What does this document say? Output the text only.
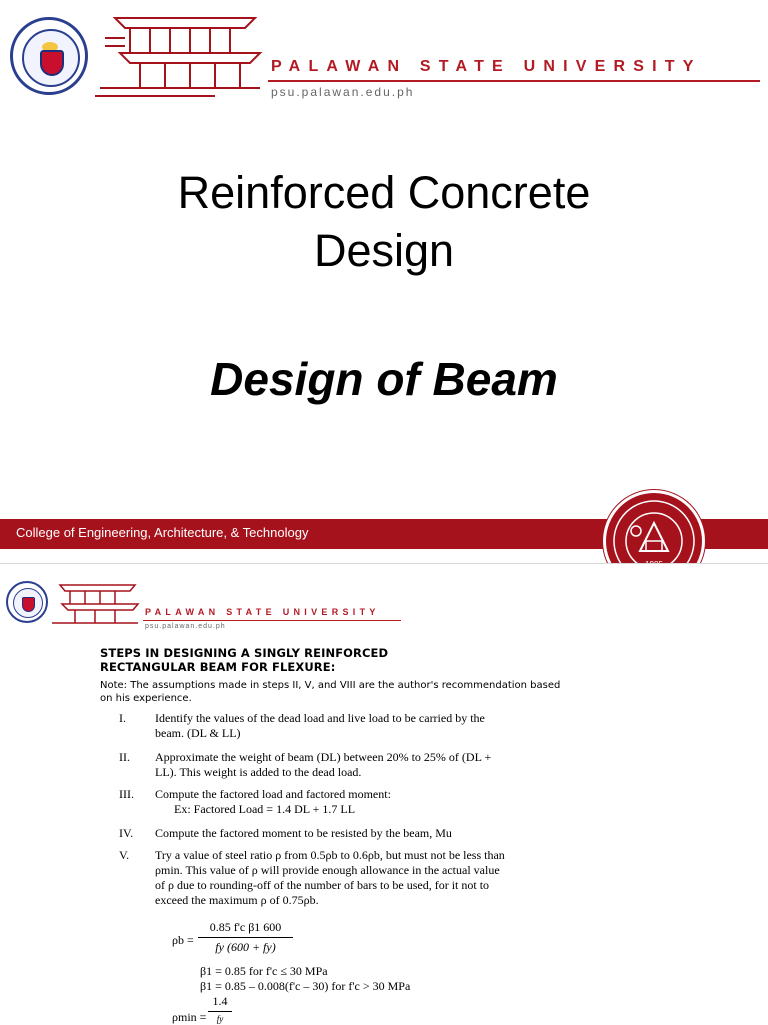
PALAWAN STATE UNIVERSITY
psu.palawan.edu.ph
Reinforced Concrete
Design
Design of Beam
College of Engineering, Architecture, & Technology
PALAWAN STATE UNIVERSITY
psu.palawan.edu.ph
STEPS IN DESIGNING A SINGLY REINFORCED
RECTANGULAR BEAM FOR FLEXURE:
Note: The assumptions made in steps II, V, and VIII are the author's recommendation based
on his experience.
I.	Identify the values of the dead load and live load to be carried by the
beam. (DL & LL)
II.	Approximate the weight of beam (DL) between 20% to 25% of (DL +
LL). This weight is added to the dead load.
III.	Compute the factored load and factored moment:
Ex: Factored Load = 1.4 DL + 1.7 LL
IV.	Compute the factored moment to be resisted by the beam, Mu
V.	Try a value of steel ratio ρ from 0.5ρb to 0.6ρb, but must not be less than
ρmin. This value of ρ will provide enough allowance in the actual value
of ρ due to rounding-off of the number of bars to be used, for it not to
exceed the maximum ρ of 0.75ρb.
ρb =
0.85 f'c β1 600
fy (600 + fy)
β1 = 0.85 for f'c ≤ 30 MPa
β1 = 0.85 – 0.008(f'c – 30) for f'c > 30 MPa
ρmin =
1.4
fy
